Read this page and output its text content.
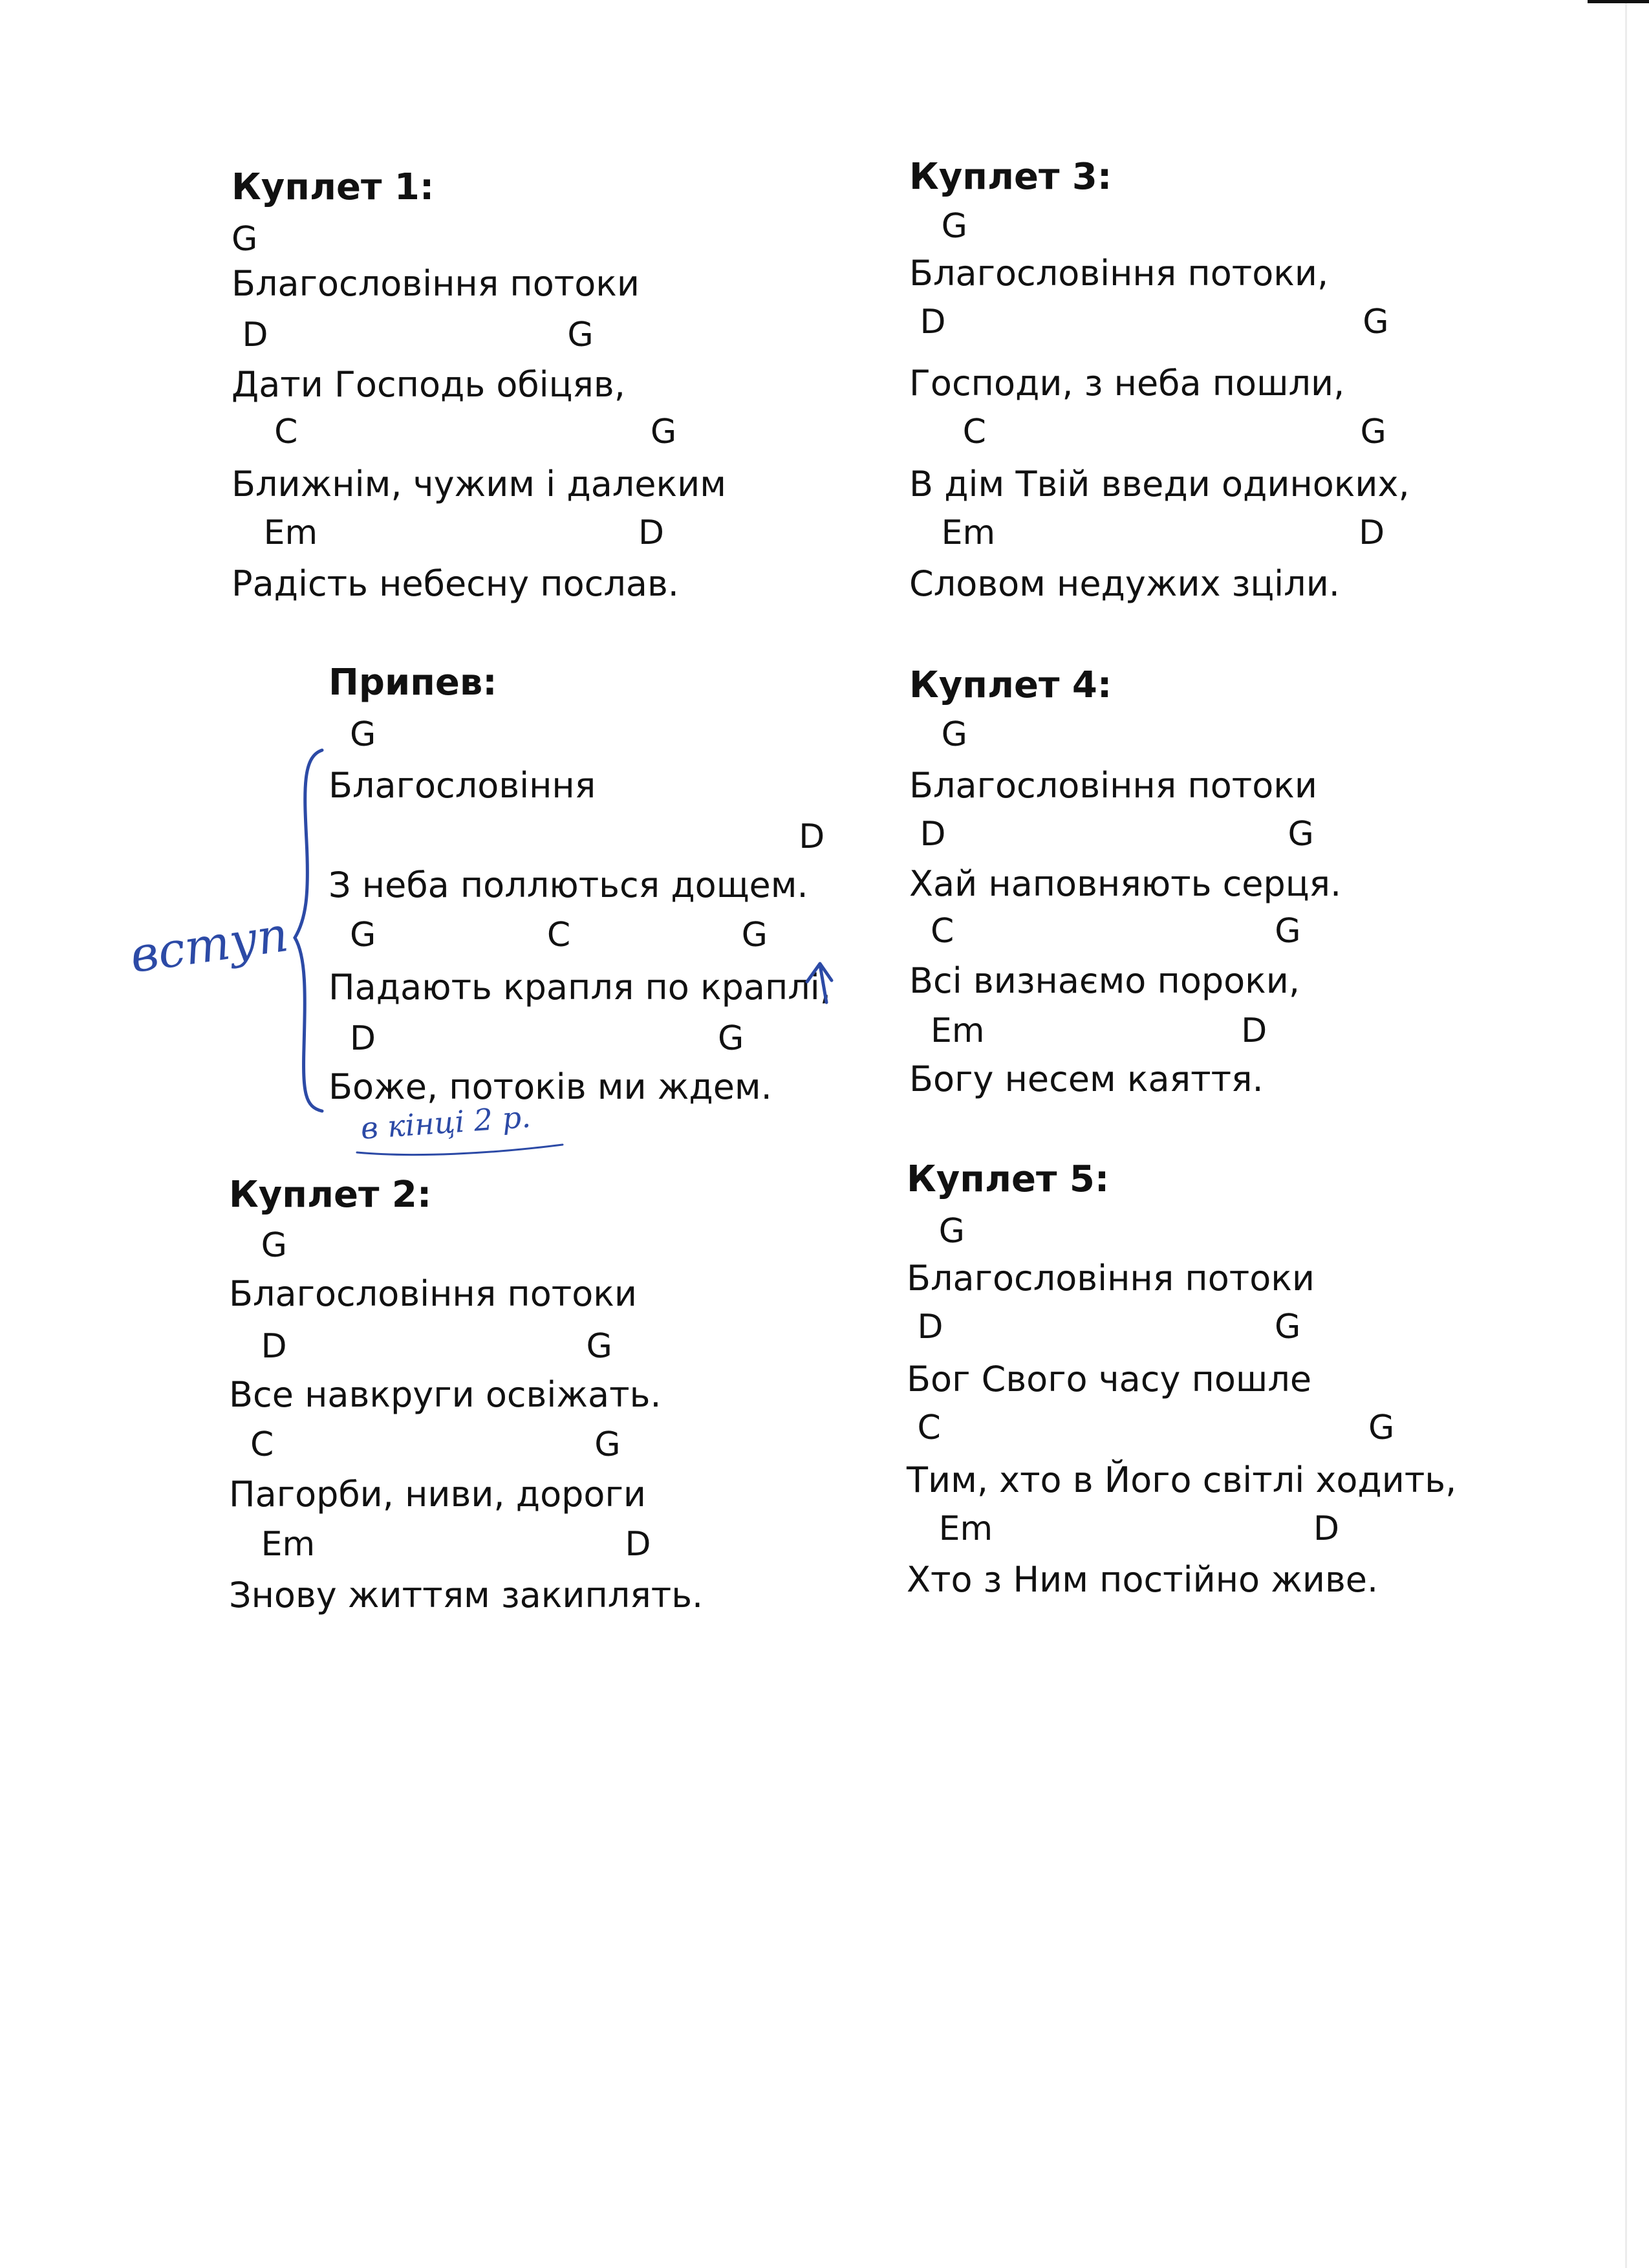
Куплет 1:
G
Благословіння потоки
D                            G
Дати Господь обіцяв,
C                                 G
Ближнім, чужим і далеким
Em                              D
Радість небесну послав.
Припев:
G
Благословіння
D
З неба поллються дощем.
G                C                G
Падають крапля по краплі,
D                                G
Боже, потоків ми ждем.
Куплет 2:
G
Благословіння потоки
D                            G
Все навкруги освіжать.
C                              G
Пагорби, ниви, дороги
Em                             D
Знову життям закиплять.
Куплет 3:
G
Благословіння потоки,
D                                       G
Господи, з неба пошли,
C                                   G
В дім Твій введи одиноких,
Em                                  D
Словом недужих зціли.
Куплет 4:
G
Благословіння потоки
D                                G
Хай наповняють серця.
C                              G
Всі визнаємо пороки,
Em                        D
Богу несем каяття.
Куплет 5:
G
Благословіння потоки
D                               G
Бог Свого часу пошле
C                                        G
Тим, хто в Його світлі ходить,
Em                              D
Хто з Ним постійно живе.
вступ
в кінці 2 р.
